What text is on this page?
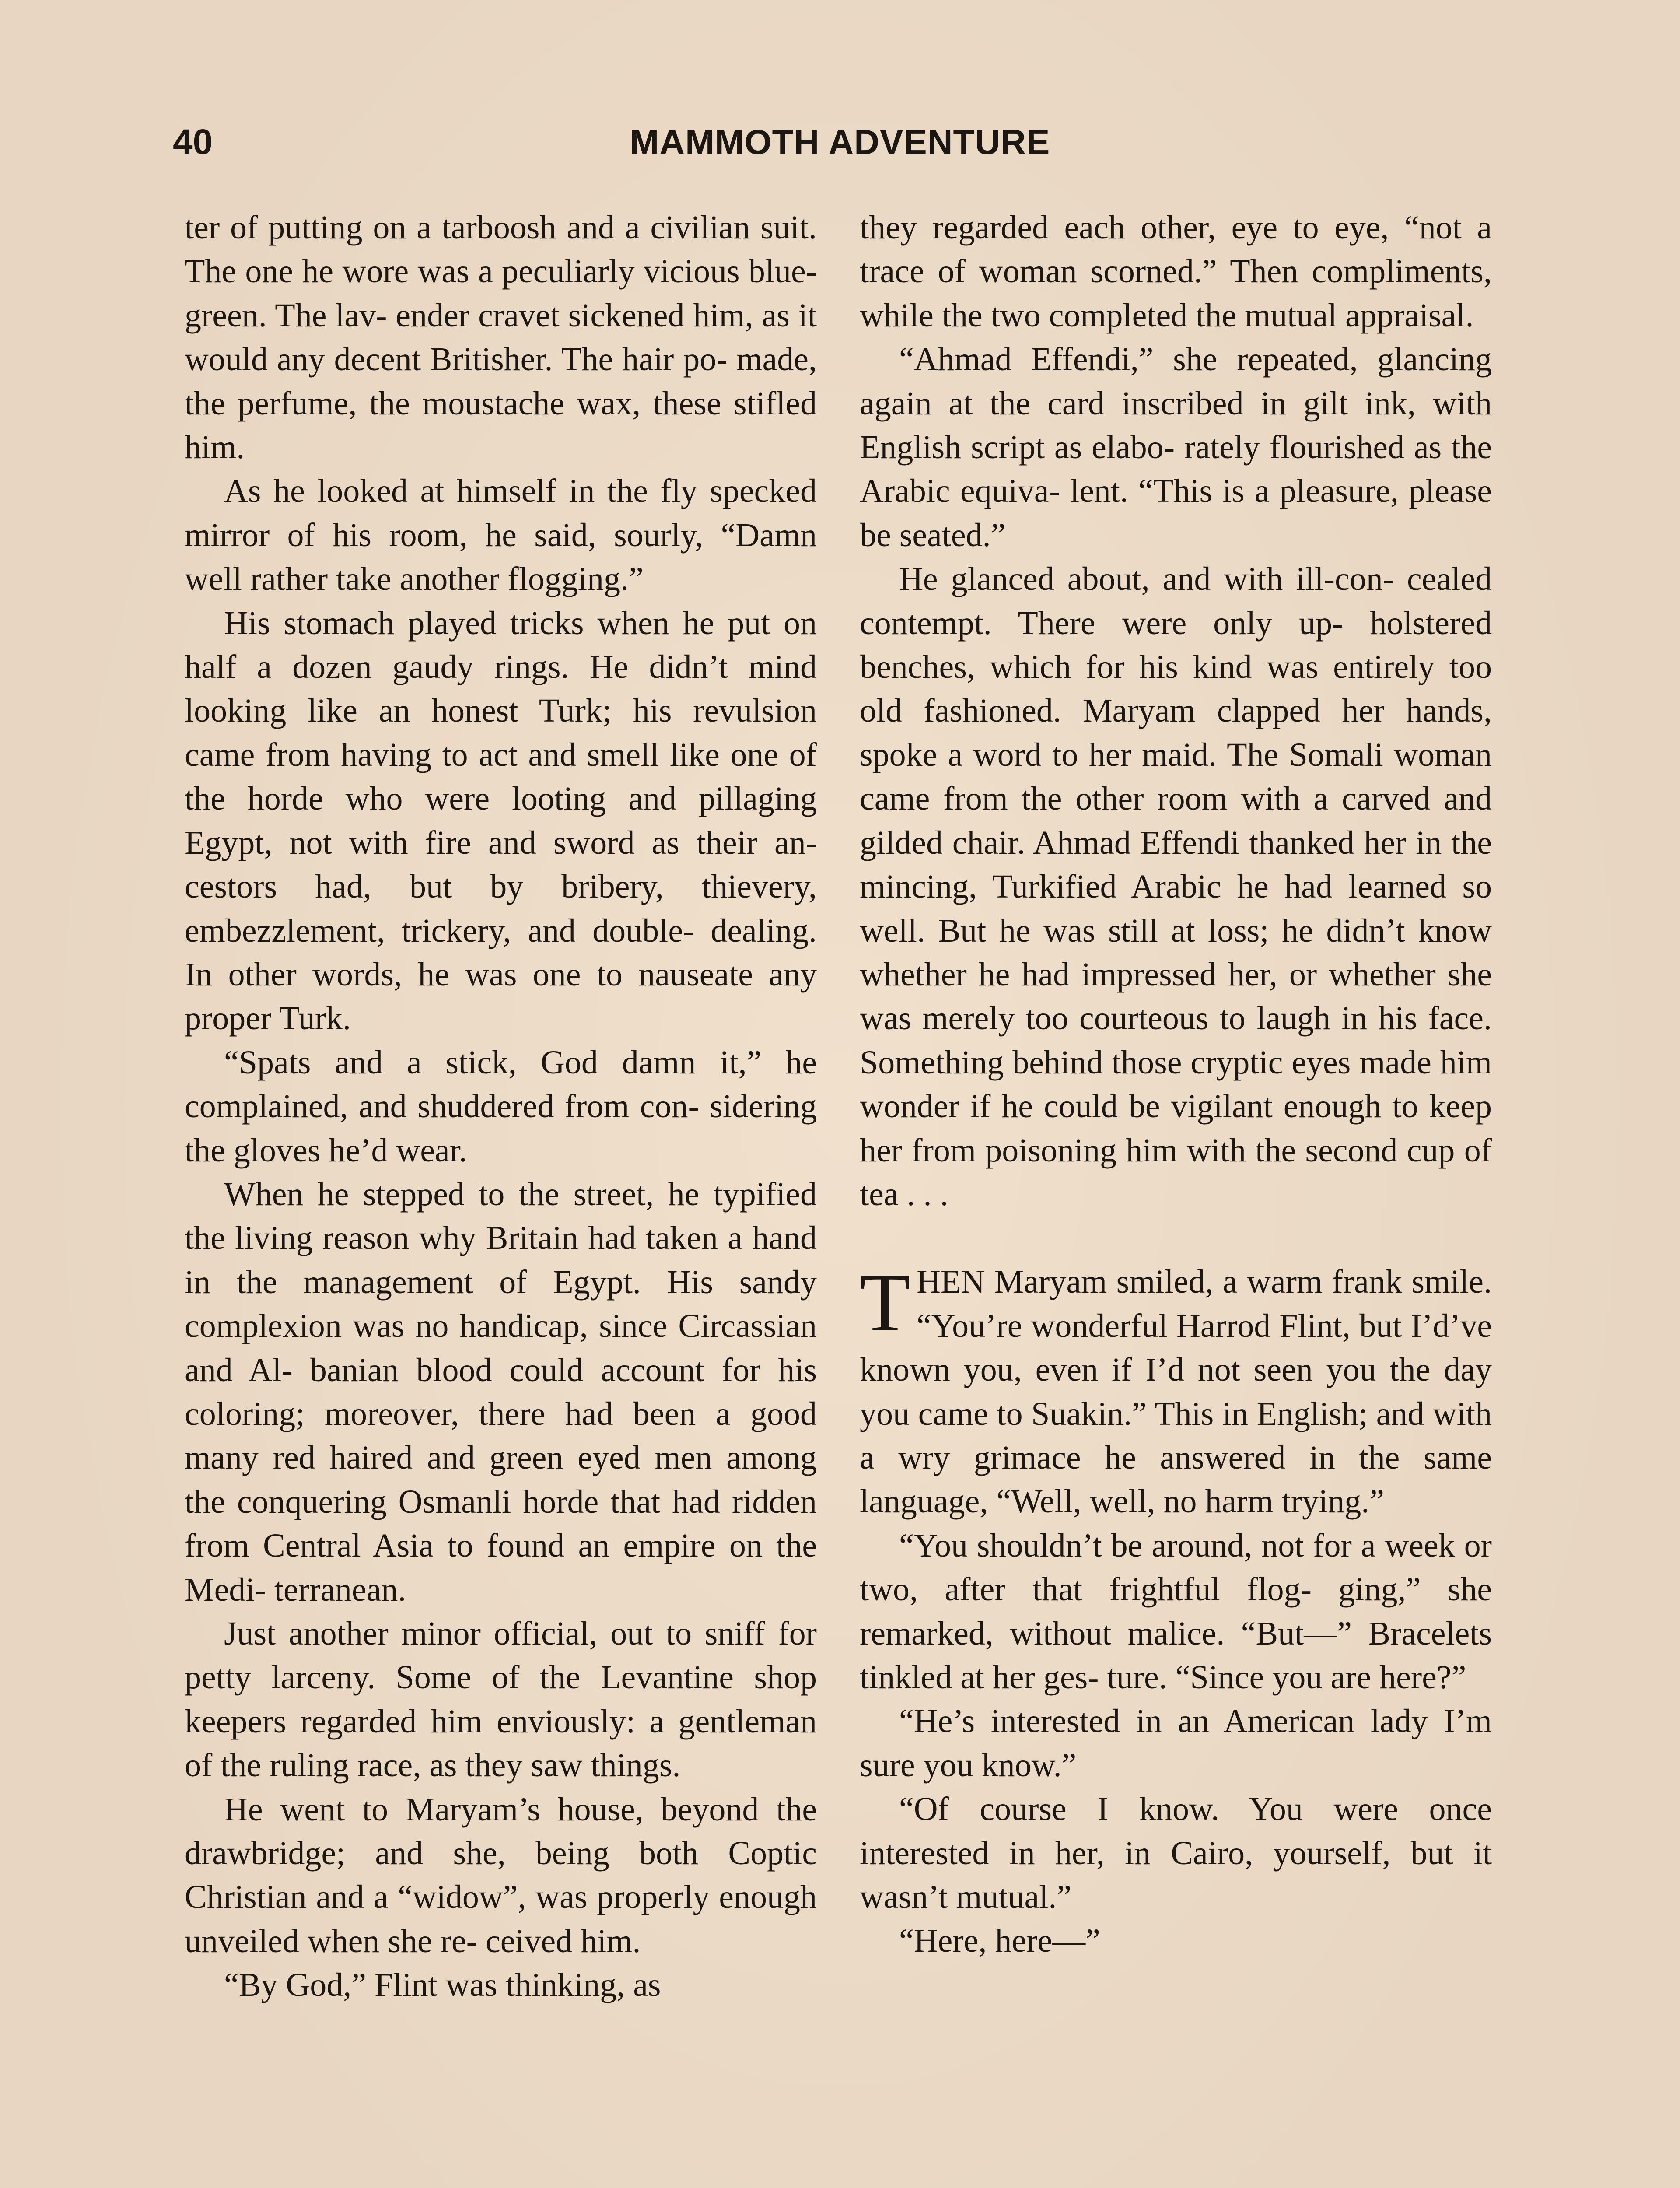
40	MAMMOTH ADVENTURE

ter of putting on a tarboosh and a civilian suit. The one he wore was a peculiarly vicious blue-green. The lav- ender cravet sickened him, as it would any decent Britisher. The hair po- made, the perfume, the moustache wax, these stifled him.

As he looked at himself in the fly specked mirror of his room, he said, sourly, “Damn well rather take another flogging.”

His stomach played tricks when he put on half a dozen gaudy rings. He didn’t mind looking like an honest Turk; his revulsion came from having to act and smell like one of the horde who were looting and pillaging Egypt, not with fire and sword as their an- cestors had, but by bribery, thievery, embezzlement, trickery, and double- dealing. In other words, he was one to nauseate any proper Turk.

“Spats and a stick, God damn it,” he complained, and shuddered from con- sidering the gloves he’d wear.

When he stepped to the street, he typified the living reason why Britain had taken a hand in the management of Egypt. His sandy complexion was no handicap, since Circassian and Al- banian blood could account for his coloring; moreover, there had been a good many red haired and green eyed men among the conquering Osmanli horde that had ridden from Central Asia to found an empire on the Medi- terranean.

Just another minor official, out to sniff for petty larceny. Some of the Levantine shop keepers regarded him enviously: a gentleman of the ruling race, as they saw things.

He went to Maryam’s house, beyond the drawbridge; and she, being both Coptic Christian and a “widow”, was properly enough unveiled when she re- ceived him.

“By God,” Flint was thinking, as

they regarded each other, eye to eye, “not a trace of woman scorned.” Then compliments, while the two completed the mutual appraisal.

“Ahmad Effendi,” she repeated, glancing again at the card inscribed in gilt ink, with English script as elabo- rately flourished as the Arabic equiva- lent. “This is a pleasure, please be seated.”

He glanced about, and with ill-con- cealed contempt. There were only up- holstered benches, which for his kind was entirely too old fashioned. Maryam clapped her hands, spoke a word to her maid. The Somali woman came from the other room with a carved and gilded chair. Ahmad Effendi thanked her in the mincing, Turkified Arabic he had learned so well. But he was still at loss; he didn’t know whether he had impressed her, or whether she was merely too courteous to laugh in his face. Something behind those cryptic eyes made him wonder if he could be vigilant enough to keep her from poisoning him with the second cup of tea . . .

THEN Maryam smiled, a warm frank smile. “You’re wonderful Harrod Flint, but I’d’ve known you, even if I’d not seen you the day you came to Suakin.” This in English; and with a wry grimace he answered in the same language, “Well, well, no harm trying.”

“You shouldn’t be around, not for a week or two, after that frightful flog- ging,” she remarked, without malice. “But—” Bracelets tinkled at her ges- ture. “Since you are here?”

“He’s interested in an American lady I’m sure you know.”

“Of course I know. You were once interested in her, in Cairo, yourself, but it wasn’t mutual.”

“Here, here—”
